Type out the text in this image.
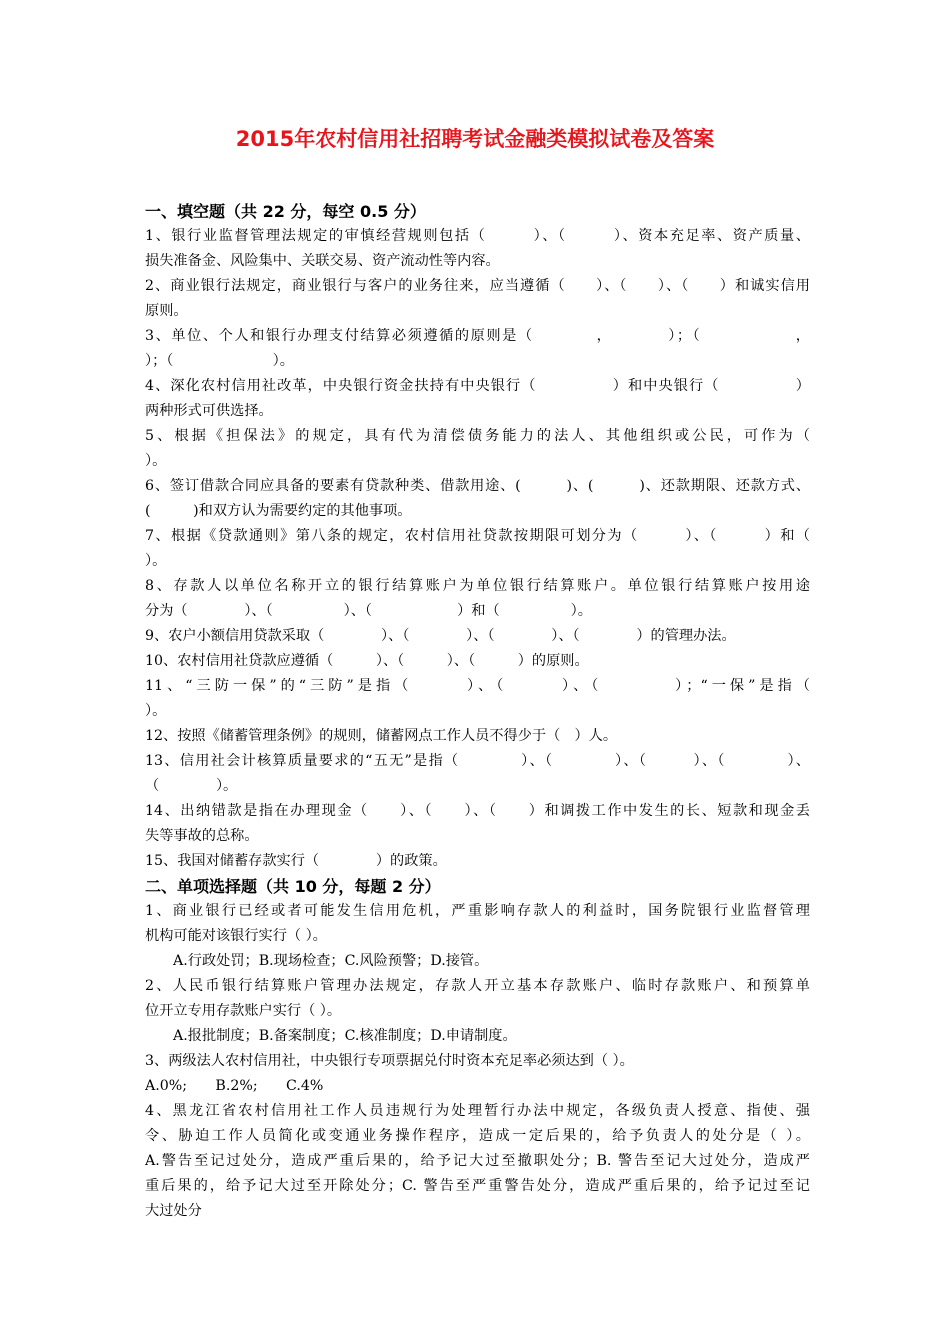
2015年农村信用社招聘考试金融类模拟试卷及答案
一、填空题（共 22 分，每空 0.5 分）
1、银行业监督管理法规定的审慎经营规则包括（　　　）、（　　　）、资本充足率、资产质量、
损失准备金、风险集中、关联交易、资产流动性等内容。
2、商业银行法规定，商业银行与客户的业务往来，应当遵循（　　）、（　　）、（　　）和诚实信用
原则。
3、单位、个人和银行办理支付结算必须遵循的原则是（　　　　，　　　　）；（　　　　　　，
）；（　　　　　　　）。
4、深化农村信用社改革，中央银行资金扶持有中央银行（　　　　　）和中央银行（　　　　　）
两种形式可供选择。
5、根据《担保法》的规定，具有代为清偿债务能力的法人、其他组织或公民，可作为（
）。
6、签订借款合同应具备的要素有贷款种类、借款用途、(　　　)、(　　　)、还款期限、还款方式、
(　　　)和双方认为需要约定的其他事项。
7、根据《贷款通则》第八条的规定，农村信用社贷款按期限可划分为（　　　）、（　　　）和（
）。
8、存款人以单位名称开立的银行结算账户为单位银行结算账户。单位银行结算账户按用途
分为（　　　　）、（　　　　　）、（　　　　　　）和（　　　　　）。
9、农户小额信用贷款采取（　　　　）、（　　　　）、（　　　　）、（　　　　）的管理办法。
10、农村信用社贷款应遵循（　　　）、（　　　）、（　　　）的原则。
11、“三防一保”的“三防”是指（　　　）、（　　　）、（　　　　）；“一保”是指（
）。
12、按照《储蓄管理条例》的规则，储蓄网点工作人员不得少于（　）人。
13、信用社会计核算质量要求的“五无”是指（　　　　）、（　　　　）、（　　　）、（　　　　）、
（　　　　）。
14、出纳错款是指在办理现金（　　）、（　　）、（　　）和调拨工作中发生的长、短款和现金丢
失等事故的总称。
15、我国对储蓄存款实行（　　　　）的政策。
二、单项选择题（共 10 分，每题 2 分）
1、商业银行已经或者可能发生信用危机，严重影响存款人的利益时，国务院银行业监督管理
机构可能对该银行实行（ ）。
A.行政处罚；B.现场检查；C.风险预警；D.接管。
2、人民币银行结算账户管理办法规定，存款人开立基本存款账户、临时存款账户、和预算单
位开立专用存款账户实行（ ）。
A.报批制度；B.备案制度；C.核准制度；D.申请制度。
3、两级法人农村信用社，中央银行专项票据兑付时资本充足率必须达到（ ）。
A.0%;　　B.2%;　　C.4%
4、黑龙江省农村信用社工作人员违规行为处理暂行办法中规定，各级负责人授意、指使、强
令、胁迫工作人员简化或变通业务操作程序，造成一定后果的，给予负责人的处分是（ ）。
A.警告至记过处分，造成严重后果的，给予记大过至撤职处分；B. 警告至记大过处分，造成严
重后果的，给予记大过至开除处分；C. 警告至严重警告处分，造成严重后果的，给予记过至记
大过处分
